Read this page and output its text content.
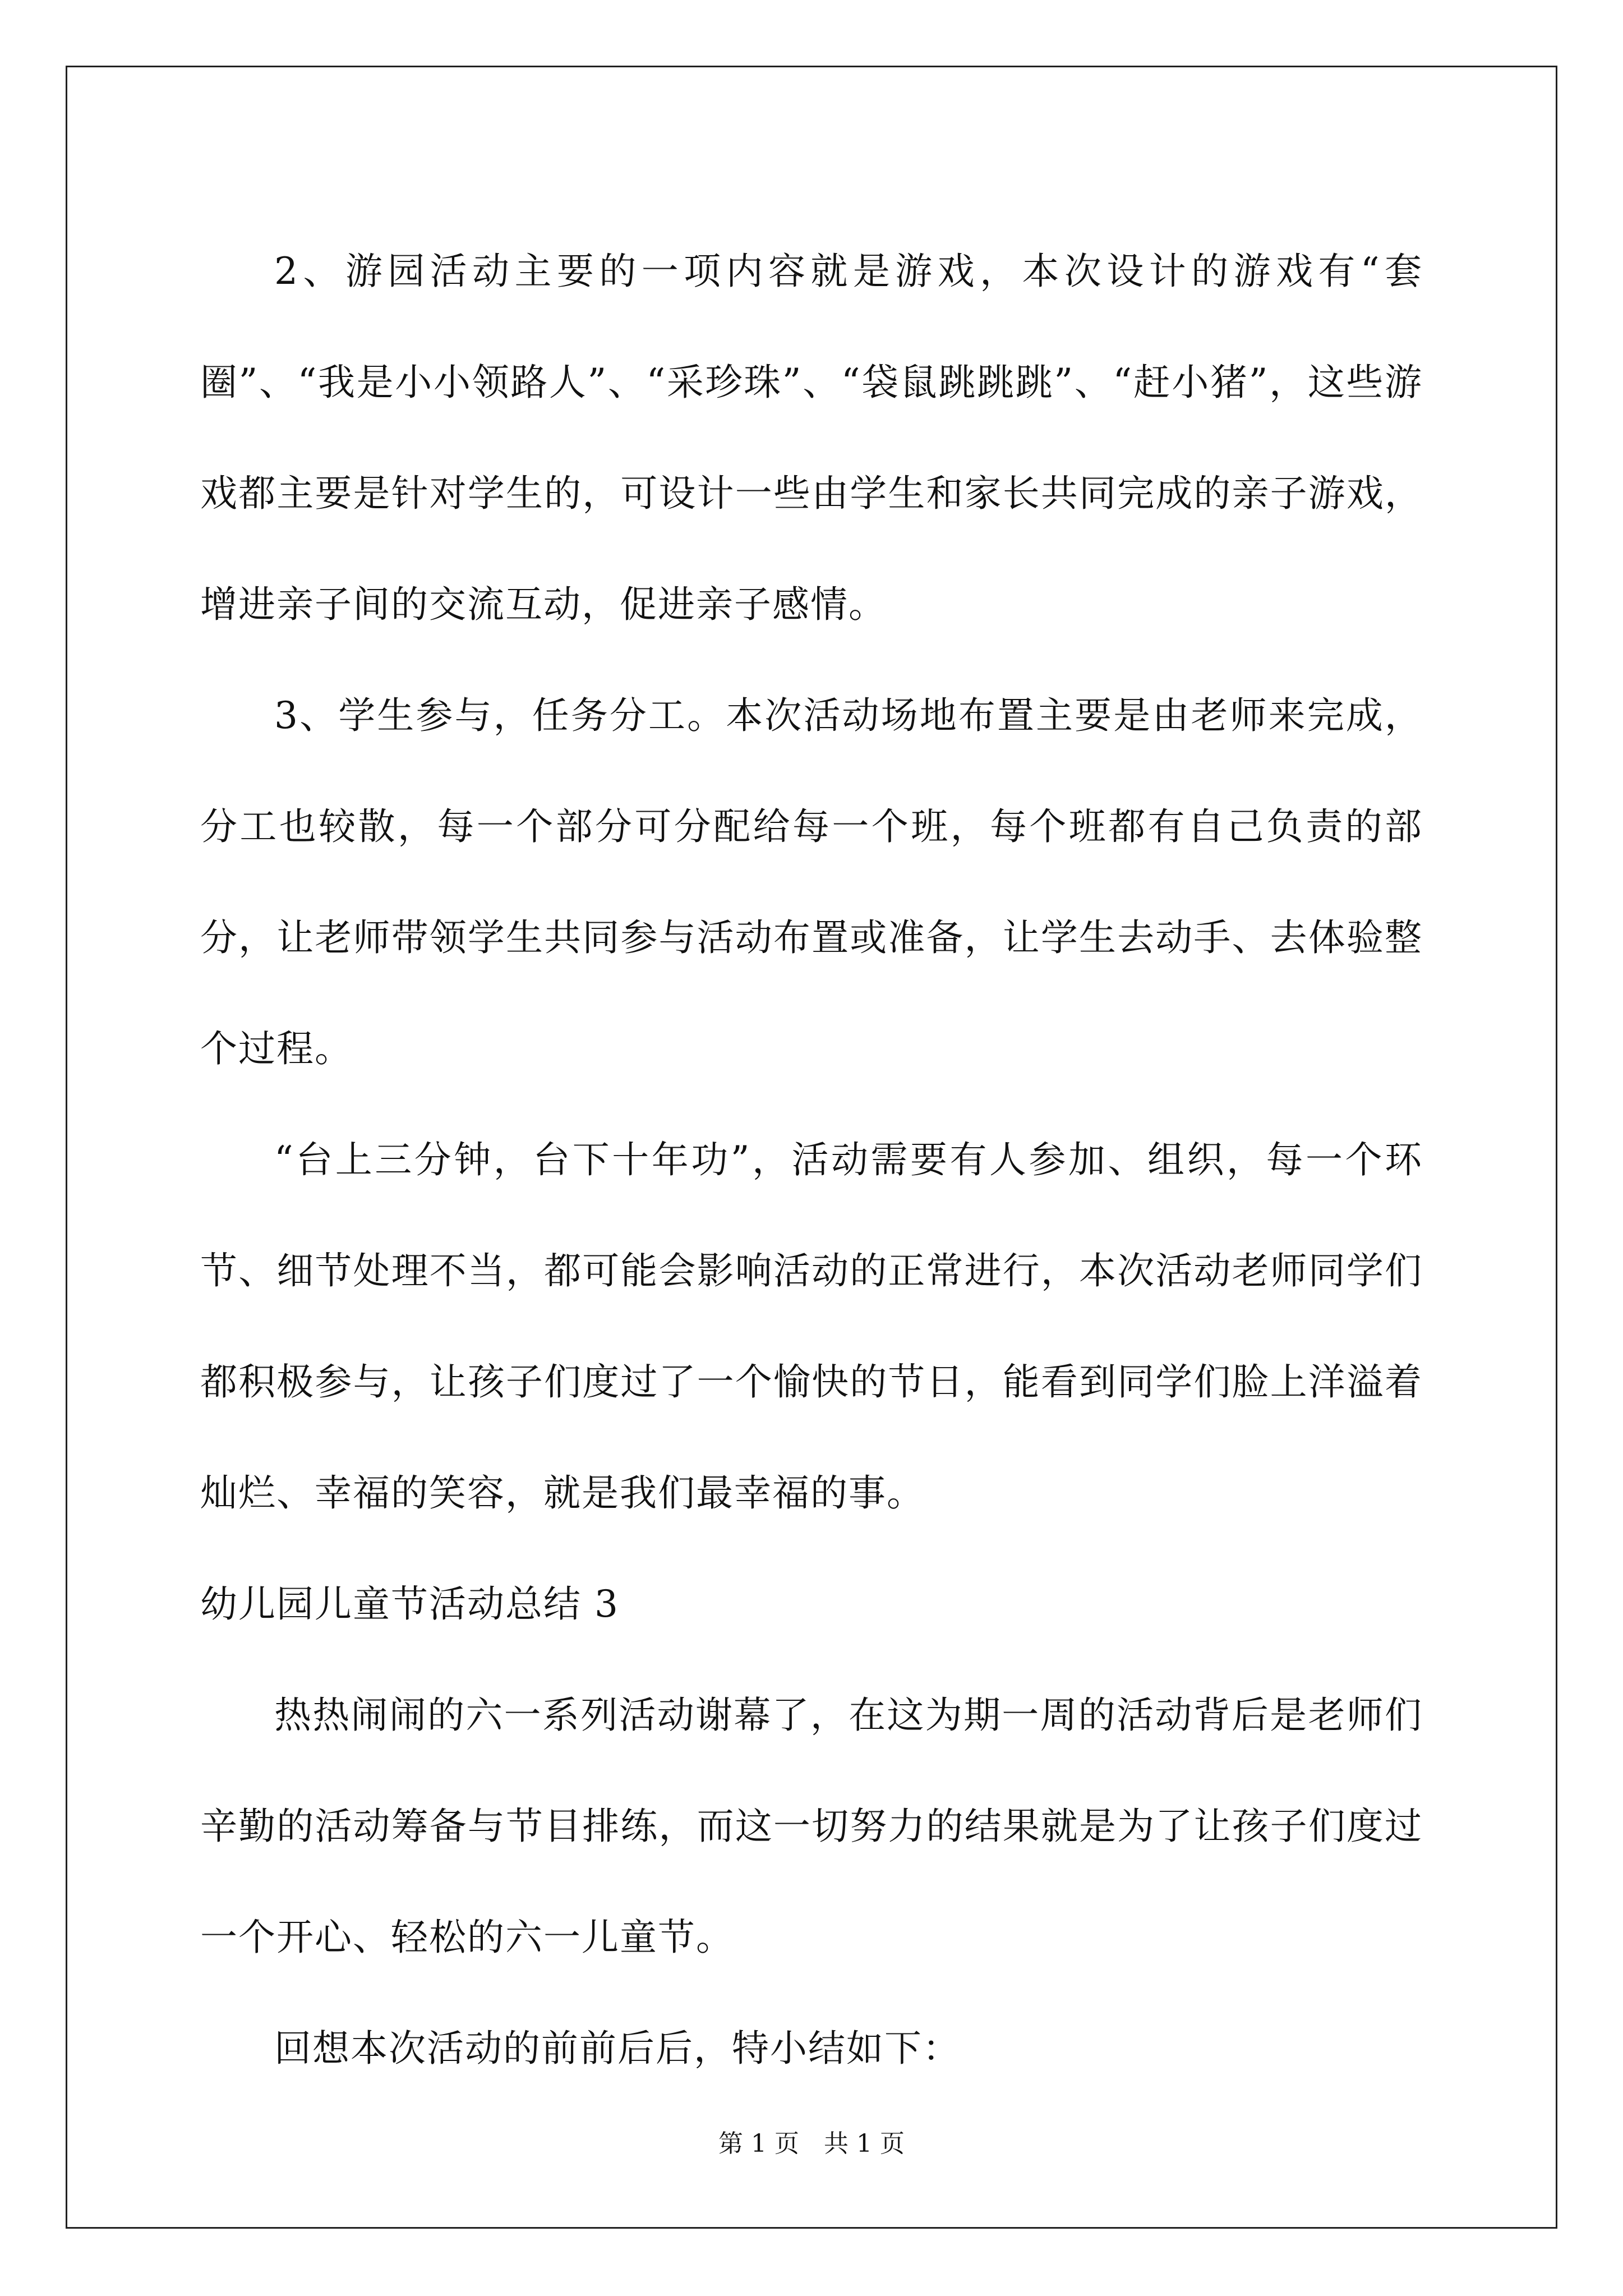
2、游园活动主要的一项内容就是游戏，本次设计的游戏有“套圈”、“我是小小领路人”、“采珍珠”、“袋鼠跳跳跳”、“赶小猪”，这些游戏都主要是针对学生的，可设计一些由学生和家长共同完成的亲子游戏，增进亲子间的交流互动，促进亲子感情。

3、学生参与，任务分工。本次活动场地布置主要是由老师来完成，分工也较散，每一个部分可分配给每一个班，每个班都有自己负责的部分，让老师带领学生共同参与活动布置或准备，让学生去动手、去体验整个过程。

“台上三分钟，台下十年功”，活动需要有人参加、组织，每一个环节、细节处理不当，都可能会影响活动的正常进行，本次活动老师同学们都积极参与，让孩子们度过了一个愉快的节日，能看到同学们脸上洋溢着灿烂、幸福的笑容，就是我们最幸福的事。

幼儿园儿童节活动总结 3

热热闹闹的六一系列活动谢幕了，在这为期一周的活动背后是老师们辛勤的活动筹备与节目排练，而这一切努力的结果就是为了让孩子们度过一个开心、轻松的六一儿童节。

回想本次活动的前前后后，特小结如下：

第 1 页　共 1 页
